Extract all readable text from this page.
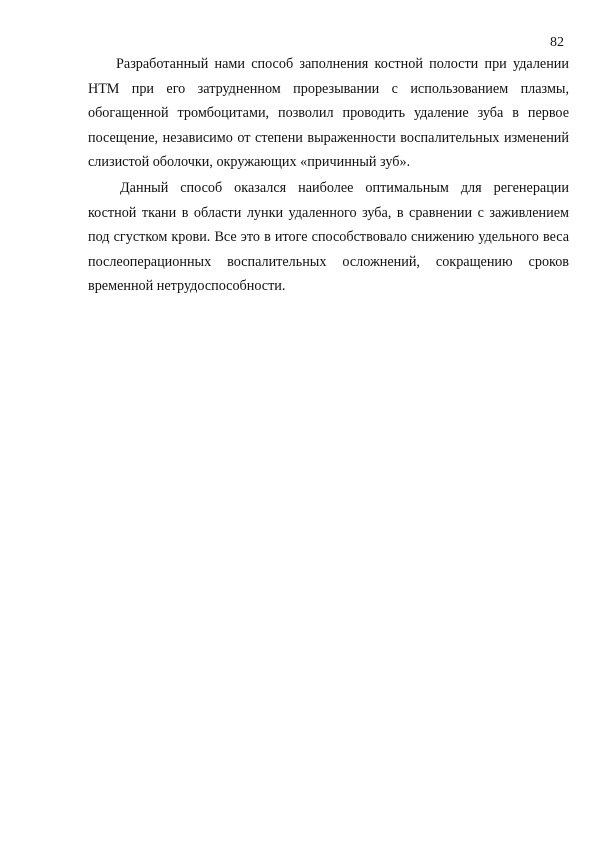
82

Разработанный нами способ заполнения костной полости при удалении НТМ при его затрудненном прорезывании с использованием плазмы, обогащенной тромбоцитами, позволил проводить удаление зуба в первое посещение, независимо от степени выраженности воспалительных изменений слизистой оболочки, окружающих «причинный зуб».

Данный способ оказался наиболее оптимальным для регенерации костной ткани в области лунки удаленного зуба, в сравнении с заживлением под сгустком крови. Все это в итоге способствовало снижению удельного веса послеоперационных воспалительных осложнений, сокращению сроков временной нетрудоспособности.
